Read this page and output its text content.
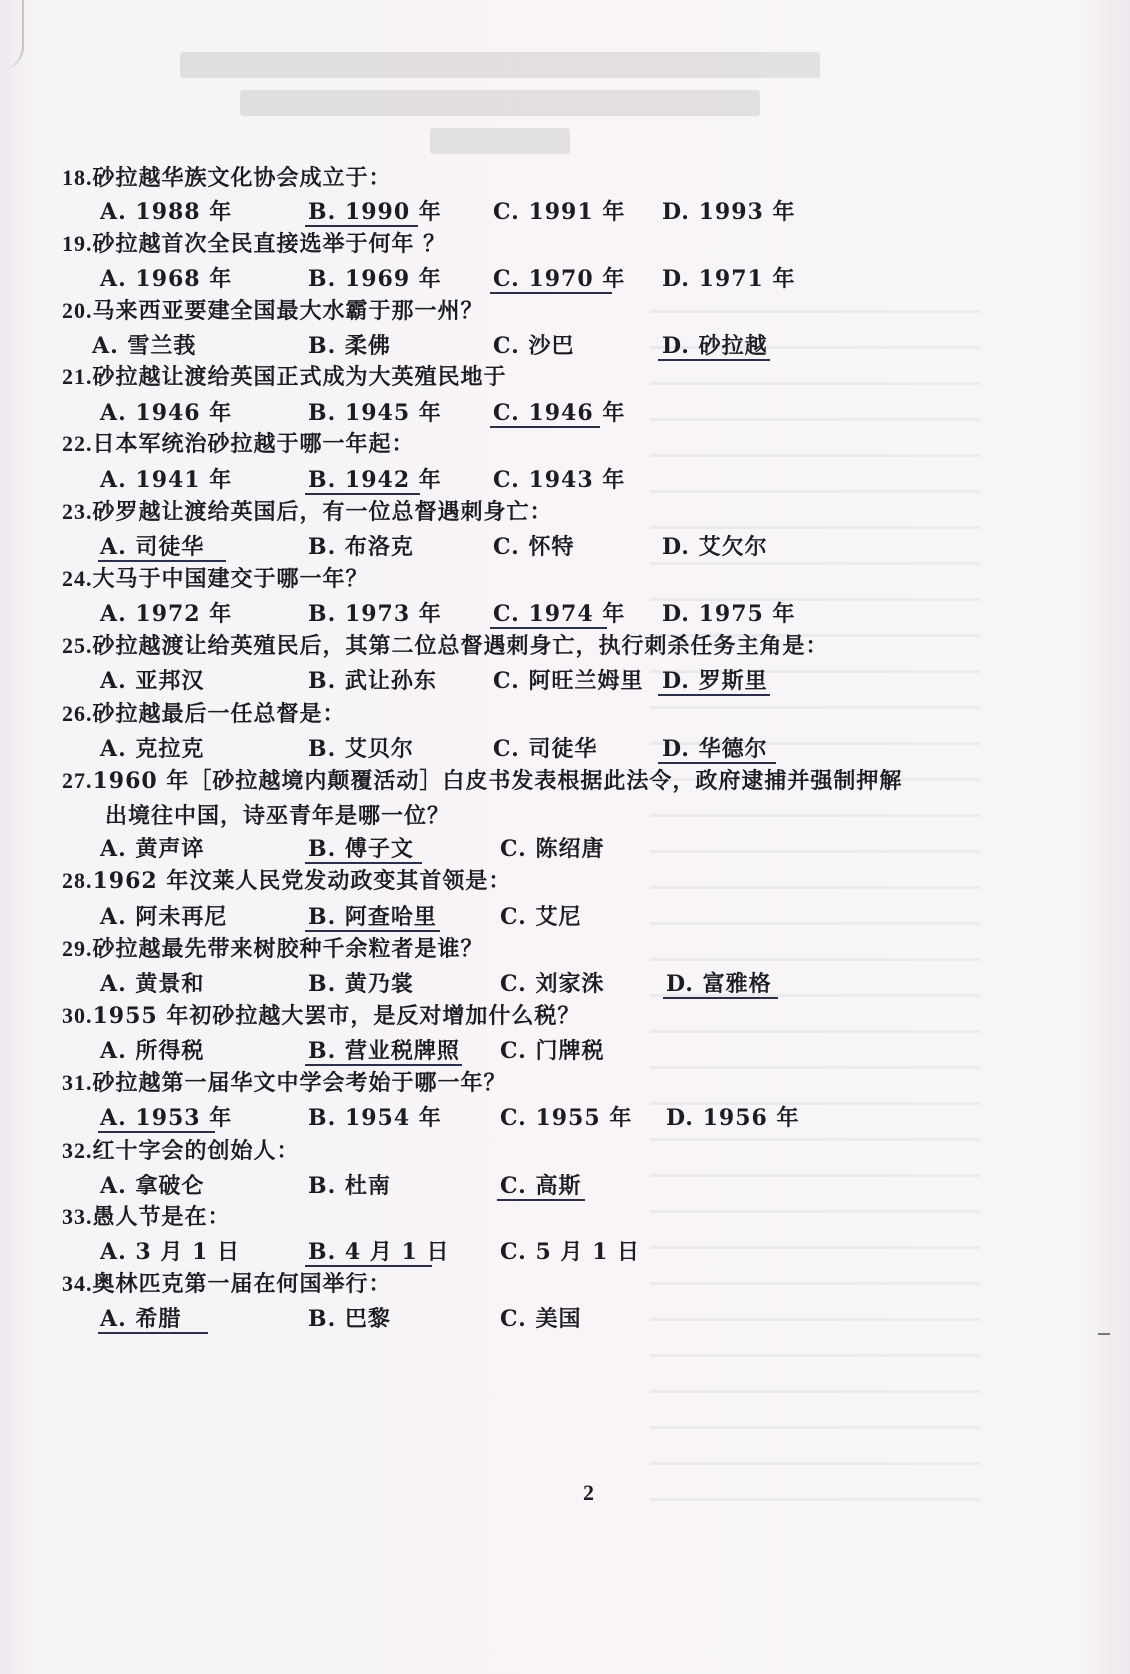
18.砂拉越华族文化协会成立于：
A. 1988 年	B. 1990 年 C. 1991 年 D. 1993 年
19.砂拉越首次全民直接选举于何年 ？
A. 1968 年	B. 1969 年 C. 1970 年 D. 1971 年
20.马来西亚要建全国最大水霸于那一州？
A. 雪兰莪	B. 柔佛	C. 沙巴	D. 砂拉越
21.砂拉越让渡给英国正式成为大英殖民地于
A. 1946 年	B. 1945 年 C. 1946 年
22.日本军统治砂拉越于哪一年起：
A. 1941 年	B. 1942 年 C. 1943 年
23.砂罗越让渡给英国后，有一位总督遇刺身亡：
A. 司徒华	B. 布洛克	C. 怀特	D. 艾欠尔
24.大马于中国建交于哪一年？
A. 1972 年	B. 1973 年 C. 1974 年 D. 1975 年
25.砂拉越渡让给英殖民后，其第二位总督遇刺身亡，执行刺杀任务主角是：
A. 亚邦汉	B. 武让孙东	C. 阿旺兰姆里 D. 罗斯里
26.砂拉越最后一任总督是：
A. 克拉克	B. 艾贝尔	C. 司徒华	D. 华德尔
27.1960 年［砂拉越境内颠覆活动］白皮书发表根据此法令，政府逮捕并强制押解
出境往中国，诗巫青年是哪一位？
A. 黄声谇	B. 傅子文	C. 陈绍唐
28.1962 年汶莱人民党发动政变其首领是：
A. 阿未再尼	B. 阿查哈里	C. 艾尼
29.砂拉越最先带来树胶种千余粒者是谁？
A. 黄景和	B. 黄乃裳	C. 刘家洙	D. 富雅格
30.1955 年初砂拉越大罢市，是反对增加什么税？
A. 所得税	B. 营业税牌照 C. 门牌税
31.砂拉越第一届华文中学会考始于哪一年？
A. 1953 年	B. 1954 年	C. 1955 年 D. 1956 年
32.红十字会的创始人：
A. 拿破仑	B. 杜南	C. 高斯
33.愚人节是在：
A. 3 月 1 日	B. 4 月 1 日 C. 5 月 1 日
34.奥林匹克第一届在何国举行：
A. 希腊	B. 巴黎	C. 美国
2
